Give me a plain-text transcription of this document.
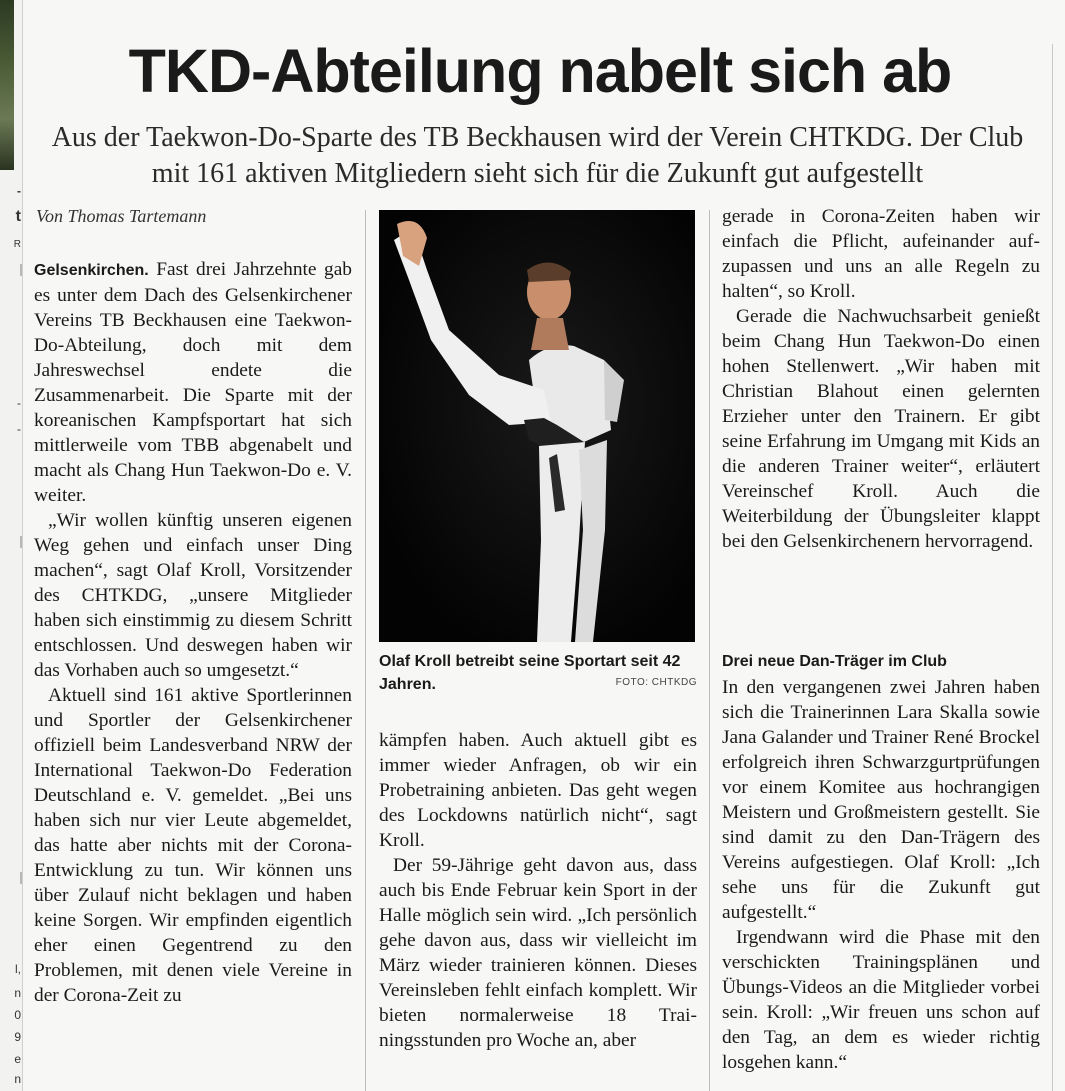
-
t
R
-
-
l,
n
0
9
e
n
TKD-Abteilung nabelt sich ab
Aus der Taekwon-Do-Sparte des TB Beckhausen wird der Verein CHTKDG. Der Club mit 161 aktiven Mitgliedern sieht sich für die Zukunft gut aufgestellt
Von Thomas Tartemann

Gelsenkirchen. Fast drei Jahrzehnte gab es unter dem Dach des Gelsenkirchener Vereins TB Beckhausen eine Taekwon-Do-Abteilung, doch mit dem Jahreswechsel endete die Zusammenarbeit. Die Sparte mit der koreanischen Kampfsportart hat sich mittlerweile vom TBB abgenabelt und macht als Chang Hun Taekwon-Do e. V. weiter.

„Wir wollen künftig unseren eigenen Weg gehen und einfach unser Ding machen“, sagt Olaf Kroll, Vorsitzender des CHTKDG, „unsere Mitglieder haben sich einstimmig zu diesem Schritt entschlossen. Und deswegen haben wir das Vorhaben auch so umgesetzt.“

Aktuell sind 161 aktive Sportlerinnen und Sportler der Gelsenkirchener offiziell beim Landesverband NRW der International Taekwon-Do Federation Deutschland e. V. gemeldet. „Bei uns haben sich nur vier Leute abgemeldet, das hatte aber nichts mit der Corona-Entwicklung zu tun. Wir können uns über Zulauf nicht beklagen und haben keine Sorgen. Wir empfinden eigentlich eher einen Gegentrend zu den Problemen, mit denen viele Vereine in der Corona-Zeit zu

Olaf Kroll betreibt seine Sportart seit 42 Jahren.	FOTO: CHTKDG

kämpfen haben. Auch aktuell gibt es immer wieder Anfragen, ob wir ein Probetraining anbieten. Das geht wegen des Lockdowns natürlich nicht“, sagt Kroll.

Der 59-Jährige geht davon aus, dass auch bis Ende Februar kein Sport in der Halle möglich sein wird. „Ich persönlich gehe davon aus, dass wir vielleicht im März wieder trainieren können. Dieses Vereinsleben fehlt einfach komplett. Wir bieten normalerweise 18 Trainingsstunden pro Woche an, aber

gerade in Corona-Zeiten haben wir einfach die Pflicht, aufeinander aufzupassen und uns an alle Regeln zu halten“, so Kroll.

Gerade die Nachwuchsarbeit genießt beim Chang Hun Taekwon-Do einen hohen Stellenwert. „Wir haben mit Christian Blahout einen gelernten Erzieher unter den Trainern. Er gibt seine Erfahrung im Umgang mit Kids an die anderen Trainer weiter“, erläutert Vereinschef Kroll. Auch die Weiterbildung der Übungsleiter klappt bei den Gelsenkirchenern hervorragend.

Drei neue Dan-Träger im Club

In den vergangenen zwei Jahren haben sich die Trainerinnen Lara Skalla sowie Jana Galander und Trainer René Brockel erfolgreich ihren Schwarzgurtprüfungen vor einem Komitee aus hochrangigen Meistern und Großmeistern gestellt. Sie sind damit zu den Dan-Trägern des Vereins aufgestiegen. Olaf Kroll: „Ich sehe uns für die Zukunft gut aufgestellt.“

Irgendwann wird die Phase mit den verschickten Trainingsplänen und Übungs-Videos an die Mitglieder vorbei sein. Kroll: „Wir freuen uns schon auf den Tag, an dem es wieder richtig losgehen kann.“
